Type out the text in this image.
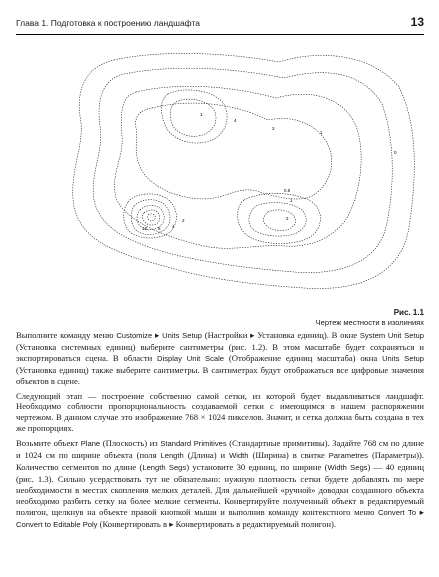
Глава 1. Подготовка к построению ландшафта	13
1
4
2
1
0
0.5
1
2
10 5	4
2
Рис. 1.1
Чертеж местности в изолиниях

Выполните команду меню Customize ▸ Units Setup (Настройки ▸ Установка единиц). В окне System Unit Setup (Установка системных единиц) выберите сантиметры (рис. 1.2). В этом масштабе будет сохраняться и экспортироваться сцена. В области Display Unit Scale (Отображение единиц масштаба) окна Units Setup (Установка единиц) также выберите сантиметры. В сантиметрах будут отображаться все цифровые значения объектов в сцене.

Следующий этап — построение собственно самой сетки, из которой будет выдавливаться ландшафт. Необходимо соблюсти пропорциональность создаваемой сетки с имеющимся в нашем распоряжении чертежом. В данном случае это изображение 768 × 1024 пикселов. Значит, и сетка должна быть создана в тех же пропорциях.

Возьмите объект Plane (Плоскость) из Standard Primitives (Стандартные примитивы). Задайте 768 см по длине и 1024 см по ширине объекта (поля Length (Длина) и Width (Ширина) в свитке Parametres (Параметры)). Количество сегментов по длине (Length Segs) установите 30 единиц, по ширине (Width Segs) — 40 единиц (рис. 1.3). Сильно усердствовать тут не обязательно: нужную плотность сетки будете добавлять по мере необходимости в местах скопления мелких деталей. Для дальнейшей «ручной» доводки созданного объекта необходимо разбить сетку на более мелкие сегменты. Конвертируйте полученный объект в редактируемый полигон, щелкнув на объекте правой кнопкой мыши и выполнив команду контекстного меню Convert To ▸ Convert to Editable Poly (Конвертировать в ▸ Конвертировать в редактируемый полигон).
